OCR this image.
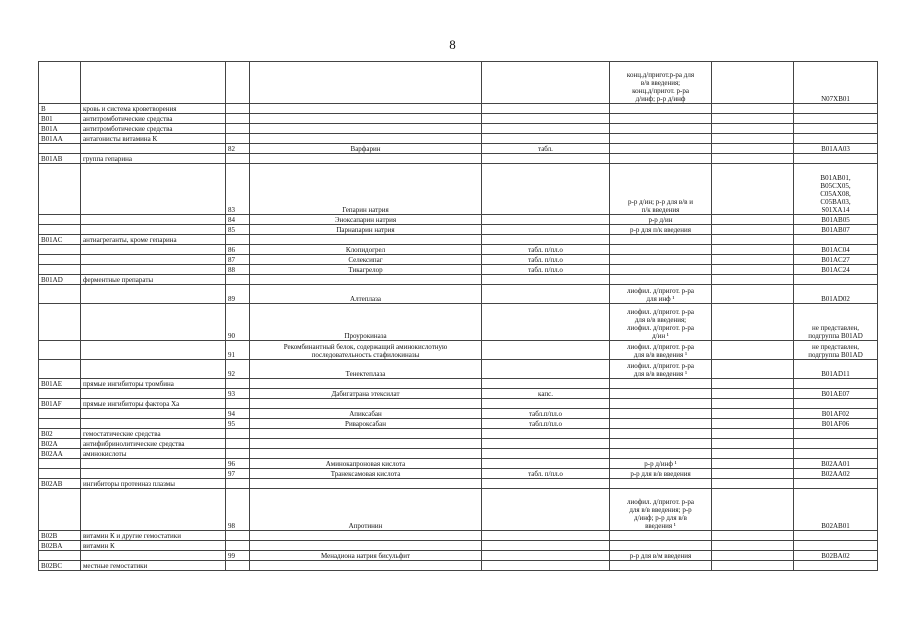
8
					конц.д/пригот.р-ра для
в/в введения;
конц.д/пригот. р-ра
д/инф; р-р д/инф		N07XB01
B	кровь и система кроветворения						
B01	антитромботические средства						
B01A	антитромботические средства						
B01AA	антагонисты витамина К						
		82	Варфарин	табл.			B01AA03
B01AB	группа гепарина						
		83	Гепарин натрия		р-р д/ин; р-р для в/в и
п/к введения		B01AB01,
B05CX05,
C05AX08,
C05BA03,
S01XA14
		84	Эноксапарин натрия		р-р д/ин		B01AB05
		85	Парнапарин натрия		р-р для п/к введения		B01AB07
B01AC	антиагреганты, кроме гепарина						
		86	Клопидогрел	табл. п/пл.о			B01AC04
		87	Селексипаг	табл. п/пл.о			B01AC27
		88	Тикагрелор	табл. п/пл.о			B01AC24
B01AD	ферментные препараты						
		89	Алтеплаза		лиофил. д/пригот. р-ра
для инф ¹		B01AD02
		90	Проурокиназа		лиофил. д/пригот. р-ра
для в/в введения;
лиофил. д/пригот. р-ра
д/ин ¹		не представлен,
подгруппа B01AD
		91	Рекомбинантный белок, содержащий аминокислотную
последовательность стафилокиназы		лиофил. д/пригот. р-ра
для в/в введения ¹		не представлен,
подгруппа B01AD
		92	Тенектеплаза		лиофил. д/пригот. р-ра
для в/в введения ¹		B01AD11
B01AE	прямые ингибиторы тромбина						
		93	Дабигатрана этексилат	капс.			B01AE07
B01AF	прямые ингибиторы фактора Xa						
		94	Апиксабан	табл.п/пл.о			B01AF02
		95	Ривароксабан	табл.п/пл.о			B01AF06
B02	гемостатические средства						
B02A	антифибринолитические средства						
B02AA	аминокислоты						
		96	Аминокапроновая кислота		р-р д/инф ¹		B02AA01
		97	Транексамовая кислота	табл. п/пл.о	р-р для в/в введения		B02AA02
B02AB	ингибиторы протеиназ плазмы						
		98	Апротинин		лиофил. д/пригот. р-ра
для в/в введения; р-р
д/инф; р-р для в/в
введения ¹		B02AB01
B02B	витамин К и другие гемостатики						
B02BA	витамин К						
		99	Менадиона натрия бисульфит		р-р для в/м введения		B02BA02
B02BC	местные гемостатики						
